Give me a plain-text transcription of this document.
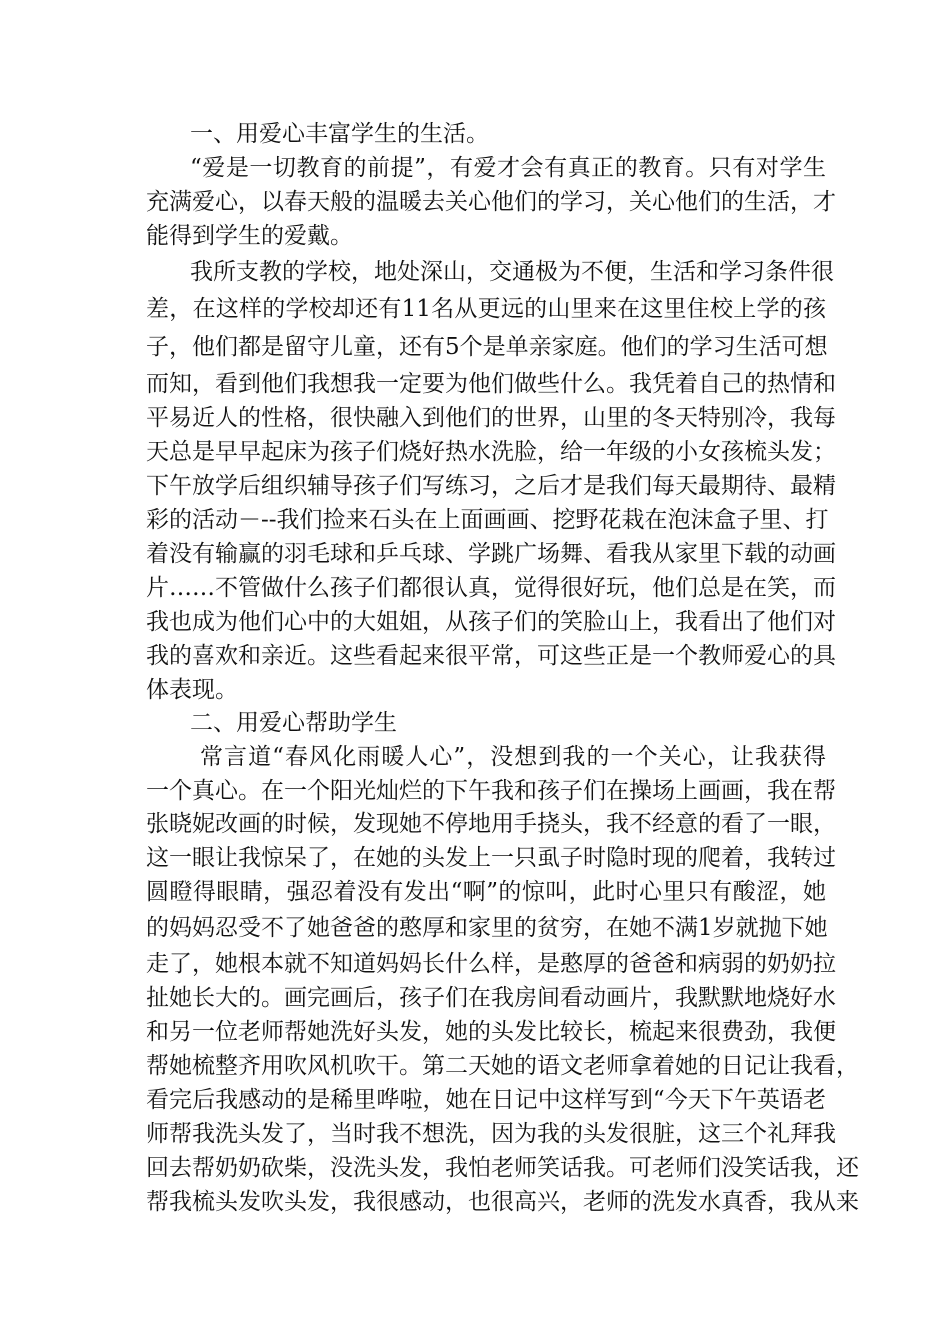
一、用爱心丰富学生的生活。
“爱是一切教育的前提”，有爱才会有真正的教育。只有对学生
充满爱心，以春天般的温暖去关心他们的学习，关心他们的生活，才
能得到学生的爱戴。
我所支教的学校，地处深山，交通极为不便，生活和学习条件很
差，在这样的学校却还有11名从更远的山里来在这里住校上学的孩
子，他们都是留守儿童，还有5个是单亲家庭。他们的学习生活可想
而知，看到他们我想我一定要为他们做些什么。我凭着自己的热情和
平易近人的性格，很快融入到他们的世界，山里的冬天特别冷，我每
天总是早早起床为孩子们烧好热水洗脸，给一年级的小女孩梳头发；
下午放学后组织辅导孩子们写练习，之后才是我们每天最期待、最精
彩的活动－--我们捡来石头在上面画画、挖野花栽在泡沫盒子里、打
着没有输赢的羽毛球和乒乓球、学跳广场舞、看我从家里下载的动画
片……不管做什么孩子们都很认真，觉得很好玩，他们总是在笑，而
我也成为他们心中的大姐姐，从孩子们的笑脸山上，我看出了他们对
我的喜欢和亲近。这些看起来很平常，可这些正是一个教师爱心的具
体表现。
二、用爱心帮助学生
常言道“春风化雨暖人心”，没想到我的一个关心，让我获得
一个真心。在一个阳光灿烂的下午我和孩子们在操场上画画，我在帮
张晓妮改画的时候，发现她不停地用手挠头，我不经意的看了一眼，
这一眼让我惊呆了，在她的头发上一只虱子时隐时现的爬着，我转过
圆瞪得眼睛，强忍着没有发出“啊”的惊叫，此时心里只有酸涩，她
的妈妈忍受不了她爸爸的憨厚和家里的贫穷，在她不满1岁就抛下她
走了，她根本就不知道妈妈长什么样，是憨厚的爸爸和病弱的奶奶拉
扯她长大的。画完画后，孩子们在我房间看动画片，我默默地烧好水
和另一位老师帮她洗好头发，她的头发比较长，梳起来很费劲，我便
帮她梳整齐用吹风机吹干。第二天她的语文老师拿着她的日记让我看，
看完后我感动的是稀里哗啦，她在日记中这样写到“今天下午英语老
师帮我洗头发了，当时我不想洗，因为我的头发很脏，这三个礼拜我
回去帮奶奶砍柴，没洗头发，我怕老师笑话我。可老师们没笑话我，还
帮我梳头发吹头发，我很感动，也很高兴，老师的洗发水真香，我从来
